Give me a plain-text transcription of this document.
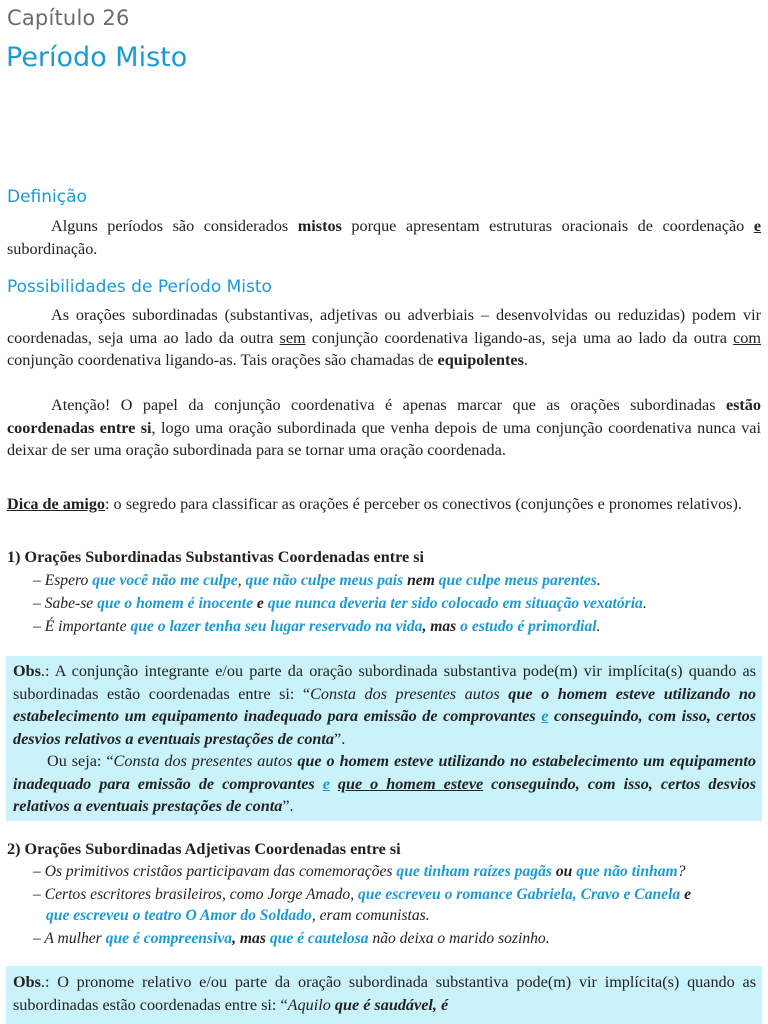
Capítulo 26
Período Misto
Definição
Alguns períodos são considerados mistos porque apresentam estruturas oracionais de coordenação e subordinação.
Possibilidades de Período Misto
As orações subordinadas (substantivas, adjetivas ou adverbiais – desenvolvidas ou reduzidas) podem vir coordenadas, seja uma ao lado da outra sem conjunção coordenativa ligando-as, seja uma ao lado da outra com conjunção coordenativa ligando-as. Tais orações são chamadas de equipolentes.
Atenção! O papel da conjunção coordenativa é apenas marcar que as orações subordinadas estão coordenadas entre si, logo uma oração subordinada que venha depois de uma conjunção coordenativa nunca vai deixar de ser uma oração subordinada para se tornar uma oração coordenada.
Dica de amigo: o segredo para classificar as orações é perceber os conectivos (conjunções e pronomes relativos).
1) Orações Subordinadas Substantivas Coordenadas entre si
– Espero que você não me culpe, que não culpe meus pais nem que culpe meus parentes.
– Sabe-se que o homem é inocente e que nunca deveria ter sido colocado em situação vexatória.
– É importante que o lazer tenha seu lugar reservado na vida, mas o estudo é primordial.

Obs.: A conjunção integrante e/ou parte da oração subordinada substantiva pode(m) vir implícita(s) quando as subordinadas estão coordenadas entre si: “Consta dos presentes autos que o homem esteve utilizando no estabelecimento um equipamento inadequado para emissão de comprovantes e conseguindo, com isso, certos desvios relativos a eventuais prestações de conta”.

Ou seja: “Consta dos presentes autos que o homem esteve utilizando no estabelecimento um equipamento inadequado para emissão de comprovantes e que o homem esteve conseguindo, com isso, certos desvios relativos a eventuais prestações de conta”.

2) Orações Subordinadas Adjetivas Coordenadas entre si
– Os primitivos cristãos participavam das comemorações que tinham raízes pagãs ou que não tinham?
– Certos escritores brasileiros, como Jorge Amado, que escreveu o romance Gabriela, Cravo e Canela e
que escreveu o teatro O Amor do Soldado, eram comunistas.
– A mulher que é compreensiva, mas que é cautelosa não deixa o marido sozinho.

Obs.: O pronome relativo e/ou parte da oração subordinada substantiva pode(m) vir implícita(s) quando as subordinadas estão coordenadas entre si: “Aquilo que é saudável, é
